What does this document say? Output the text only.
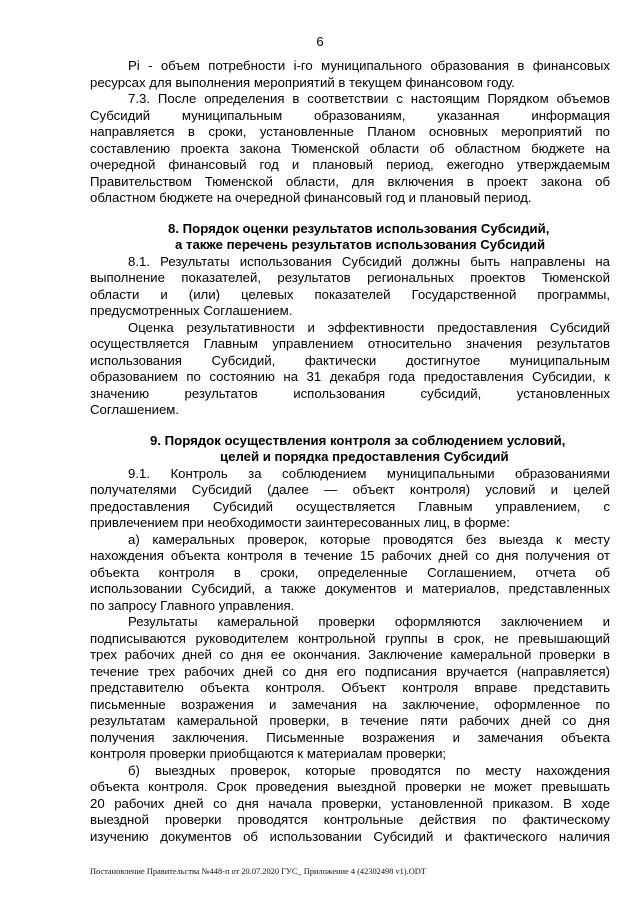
6
Pi - объем потребности i-го муниципального образования в финансовых
ресурсах для выполнения мероприятий в текущем финансовом году.
7.3. После определения в соответствии с настоящим Порядком объемов
Субсидий муниципальным образованиям, указанная информация
направляется в сроки, установленные Планом основных мероприятий по
составлению проекта закона Тюменской области об областном бюджете на
очередной финансовый год и плановый период, ежегодно утверждаемым
Правительством Тюменской области, для включения в проект закона об
областном бюджете на очередной финансовый год и плановый период.
8. Порядок оценки результатов использования Субсидий,
а также перечень результатов использования Субсидий
8.1. Результаты использования Субсидий должны быть направлены на
выполнение показателей, результатов региональных проектов Тюменской
области и (или) целевых показателей Государственной программы,
предусмотренных Соглашением.
Оценка результативности и эффективности предоставления Субсидий
осуществляется Главным управлением относительно значения результатов
использования Субсидий, фактически достигнутое муниципальным
образованием по состоянию на 31 декабря года предоставления Субсидии, к
значению результатов использования субсидий, установленных
Соглашением.
9. Порядок осуществления контроля за соблюдением условий,
целей и порядка предоставления Субсидий
9.1. Контроль за соблюдением муниципальными образованиями
получателями Субсидий (далее — объект контроля) условий и целей
предоставления Субсидий осуществляется Главным управлением, с
привлечением при необходимости заинтересованных лиц, в форме:
а) камеральных проверок, которые проводятся без выезда к месту
нахождения объекта контроля в течение 15 рабочих дней со дня получения от
объекта контроля в сроки, определенные Соглашением, отчета об
использовании Субсидий, а также документов и материалов, представленных
по запросу Главного управления.
Результаты камеральной проверки оформляются заключением и
подписываются руководителем контрольной группы в срок, не превышающий
трех рабочих дней со дня ее окончания. Заключение камеральной проверки в
течение трех рабочих дней со дня его подписания вручается (направляется)
представителю объекта контроля. Объект контроля вправе представить
письменные возражения и замечания на заключение, оформленное по
результатам камеральной проверки, в течение пяти рабочих дней со дня
получения заключения. Письменные возражения и замечания объекта
контроля проверки приобщаются к материалам проверки;
б) выездных проверок, которые проводятся по месту нахождения
объекта контроля. Срок проведения выездной проверки не может превышать
20 рабочих дней со дня начала проверки, установленной приказом. В ходе
выездной проверки проводятся контрольные действия по фактическому
изучению документов об использовании Субсидий и фактического наличия
Постановление Правительства №448-п от 20.07.2020 ГУС_ Приложение 4 (42302498 v1).ODT
